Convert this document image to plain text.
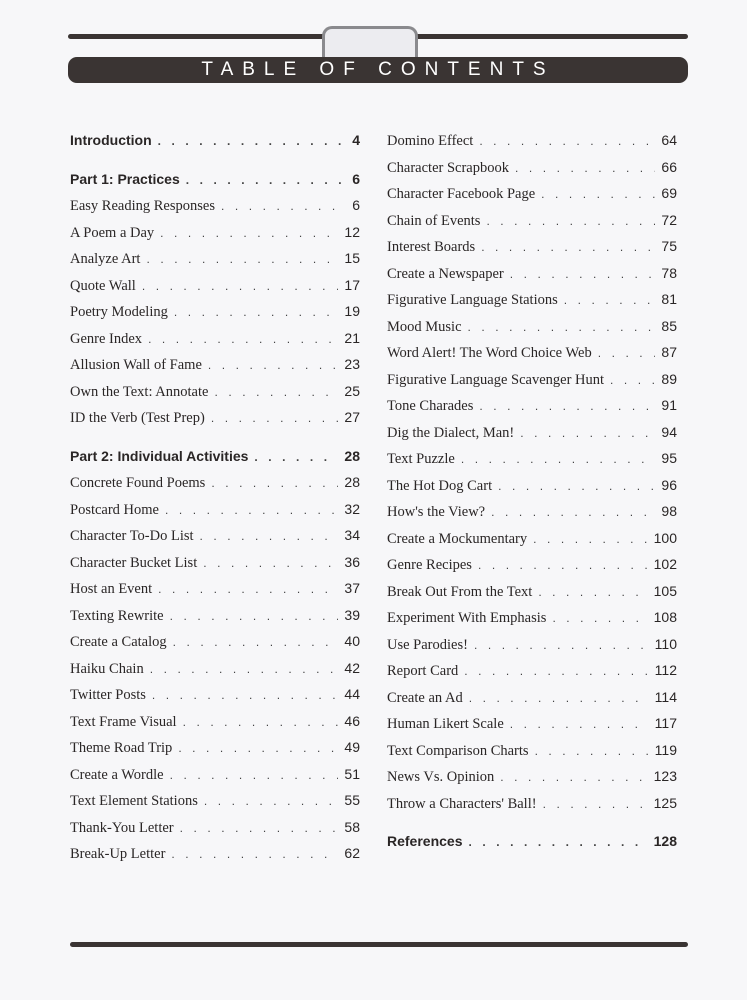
TABLE OF CONTENTS
Introduction . . .	4
Part 1: Practices . . .	6
Easy Reading Responses . . .	6
A Poem a Day . . .	12
Analyze Art . . .	15
Quote Wall . . .	17
Poetry Modeling . . .	19
Genre Index . . .	21
Allusion Wall of Fame . . .	23
Own the Text: Annotate . . .	25
ID the Verb (Test Prep) . . .	27
Part 2: Individual Activities . . .	28
Concrete Found Poems . . .	28
Postcard Home . . .	32
Character To-Do List . . .	34
Character Bucket List . . .	36
Host an Event . . .	37
Texting Rewrite . . .	39
Create a Catalog . . .	40
Haiku Chain . . .	42
Twitter Posts . . .	44
Text Frame Visual . . .	46
Theme Road Trip . . .	49
Create a Wordle . . .	51
Text Element Stations . . .	55
Thank-You Letter . . .	58
Break-Up Letter . . .	62
Domino Effect . . .	64
Character Scrapbook . . .	66
Character Facebook Page . . .	69
Chain of Events . . .	72
Interest Boards . . .	75
Create a Newspaper . . .	78
Figurative Language Stations . . .	81
Mood Music . . .	85
Word Alert! The Word Choice Web . . .	87
Figurative Language Scavenger Hunt . . .	89
Tone Charades . . .	91
Dig the Dialect, Man! . . .	94
Text Puzzle . . .	95
The Hot Dog Cart . . .	96
How's the View? . . .	98
Create a Mockumentary . . .	100
Genre Recipes . . .	102
Break Out From the Text . . .	105
Experiment With Emphasis . . .	108
Use Parodies! . . .	110
Report Card . . .	112
Create an Ad . . .	114
Human Likert Scale . . .	117
Text Comparison Charts . . .	119
News Vs. Opinion . . .	123
Throw a Characters' Ball! . . .	125
References . . .	128
